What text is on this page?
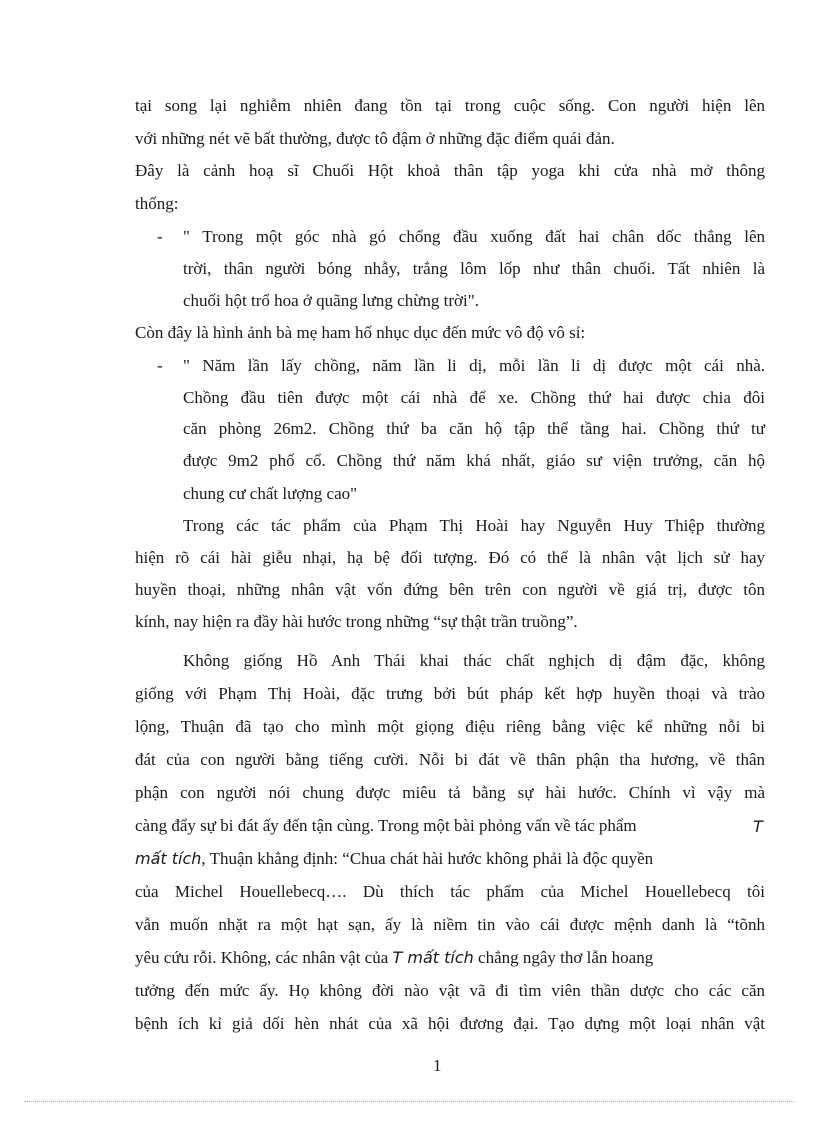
tại song lại nghiễm nhiên đang tồn tại trong cuộc sống. Con người hiện lên
với những nét vẽ bất thường, được tô đậm ở những đặc điểm quái đản.
Đây là cảnh hoạ sĩ Chuối Hột khoả thân tập yoga khi cửa nhà mở thông
thống:
- " Trong một góc nhà gó chổng đầu xuống đất hai chân dốc thẳng lên
trời, thân người bóng nhẫy, trắng lôm lốp như thân chuối. Tất nhiên là
chuối hột trổ hoa ở quãng lưng chừng trời".
Còn đây là hình ảnh bà mẹ ham hố nhục dục đến mức vô độ vô sỉ:
- " Năm lần lấy chồng, năm lần li dị, mỗi lần li dị được một cái nhà.
Chồng đầu tiên được một cái nhà để xe. Chồng thứ hai được chia đôi
căn phòng 26m2. Chồng thứ ba căn hộ tập thể tầng hai. Chồng thứ tư
được 9m2 phố cổ. Chồng thứ năm khá nhất, giáo sư viện trưởng, căn hộ
chung cư chất lượng cao"
Trong các tác phẩm của Phạm Thị Hoài hay Nguyễn Huy Thiệp thường
hiện rõ cái hài giễu nhại, hạ bệ đối tượng. Đó có thể là nhân vật lịch sử hay
huyền thoại, những nhân vật vốn đứng bên trên con người về giá trị, được tôn
kính, nay hiện ra đầy hài hước trong những “sự thật trần truồng”.
Không giống Hồ Anh Thái khai thác chất nghịch dị đậm đặc, không
giống với Phạm Thị Hoài, đặc trưng bởi bút pháp kết hợp huyền thoại và trào
lộng, Thuận đã tạo cho mình một giọng điệu riêng bằng việc kể những nỗi bi
đát của con người bằng tiếng cười. Nỗi bi đát về thân phận tha hương, về thân
phận con người nói chung được miêu tả bằng sự hài hước. Chính vì vậy mà
càng đẩy sự bi đát ấy đến tận cùng. Trong một bài phỏng vấn về tác phẩm	T
mất tích, Thuận khẳng định: “Chua chát hài hước không phải là độc quyền
của Michel Houellebecq…. Dù thích tác phẩm của Michel Houellebecq tôi
vẫn muốn nhặt ra một hạt sạn, ấy là niềm tin vào cái được mệnh danh là “tõnh
yêu cứu rỗi. Không, các nhân vật của T mất tích chẳng ngây thơ lẫn hoang
tưởng đến mức ấy. Họ không đời nào vật vã đi tìm viên thần dược cho các căn
bệnh ích kỉ giả dối hèn nhát của xã hội đương đại. Tạo dựng một loại nhân vật
1
